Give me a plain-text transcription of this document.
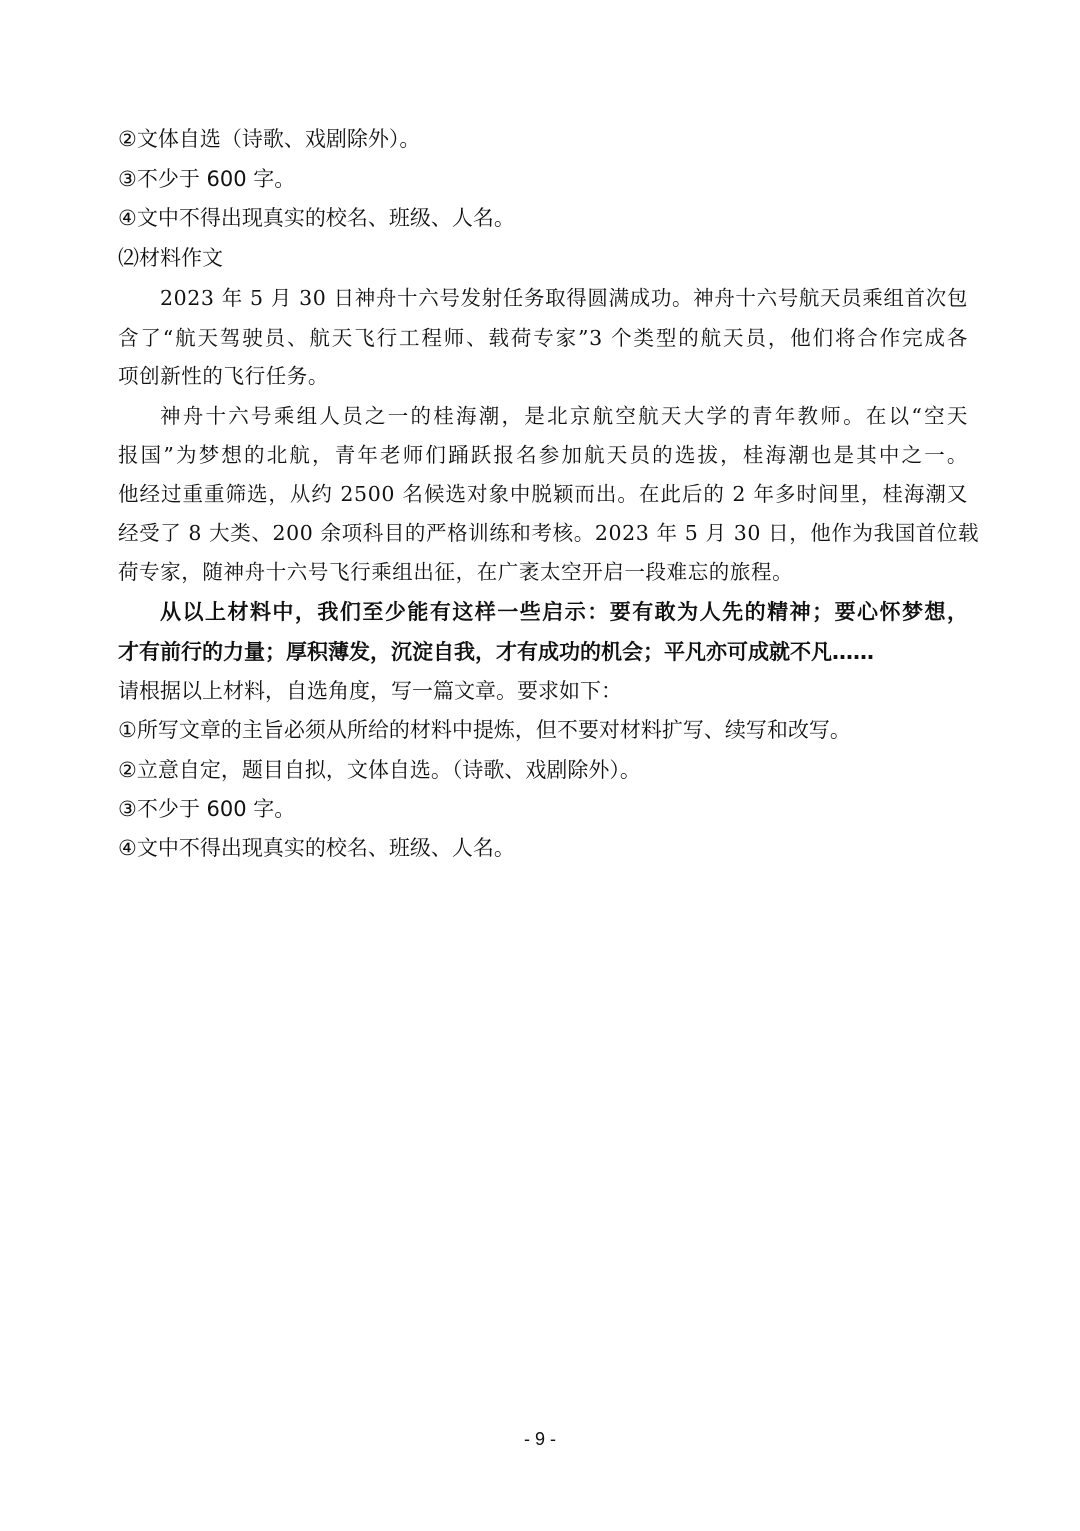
②文体自选（诗歌、戏剧除外）。
③不少于 600 字。
④文中不得出现真实的校名、班级、人名。
⑵材料作文
2023 年 5 月 30 日神舟十六号发射任务取得圆满成功。神舟十六号航天员乘组首次包
含了“航天驾驶员、航天飞行工程师、载荷专家”3 个类型的航天员，他们将合作完成各
项创新性的飞行任务。
神舟十六号乘组人员之一的桂海潮，是北京航空航天大学的青年教师。在以“空天
报国”为梦想的北航，青年老师们踊跃报名参加航天员的选拔，桂海潮也是其中之一。
他经过重重筛选，从约 2500 名候选对象中脱颖而出。在此后的 2 年多时间里，桂海潮又
经受了 8 大类、200 余项科目的严格训练和考核。2023 年 5 月 30 日，他作为我国首位载
荷专家，随神舟十六号飞行乘组出征，在广袤太空开启一段难忘的旅程。
从以上材料中，我们至少能有这样一些启示：要有敢为人先的精神；要心怀梦想，
才有前行的力量；厚积薄发，沉淀自我，才有成功的机会；平凡亦可成就不凡……
请根据以上材料，自选角度，写一篇文章。要求如下：
①所写文章的主旨必须从所给的材料中提炼，但不要对材料扩写、续写和改写。
②立意自定，题目自拟，文体自选。（诗歌、戏剧除外）。
③不少于 600 字。
④文中不得出现真实的校名、班级、人名。
- 9 -
